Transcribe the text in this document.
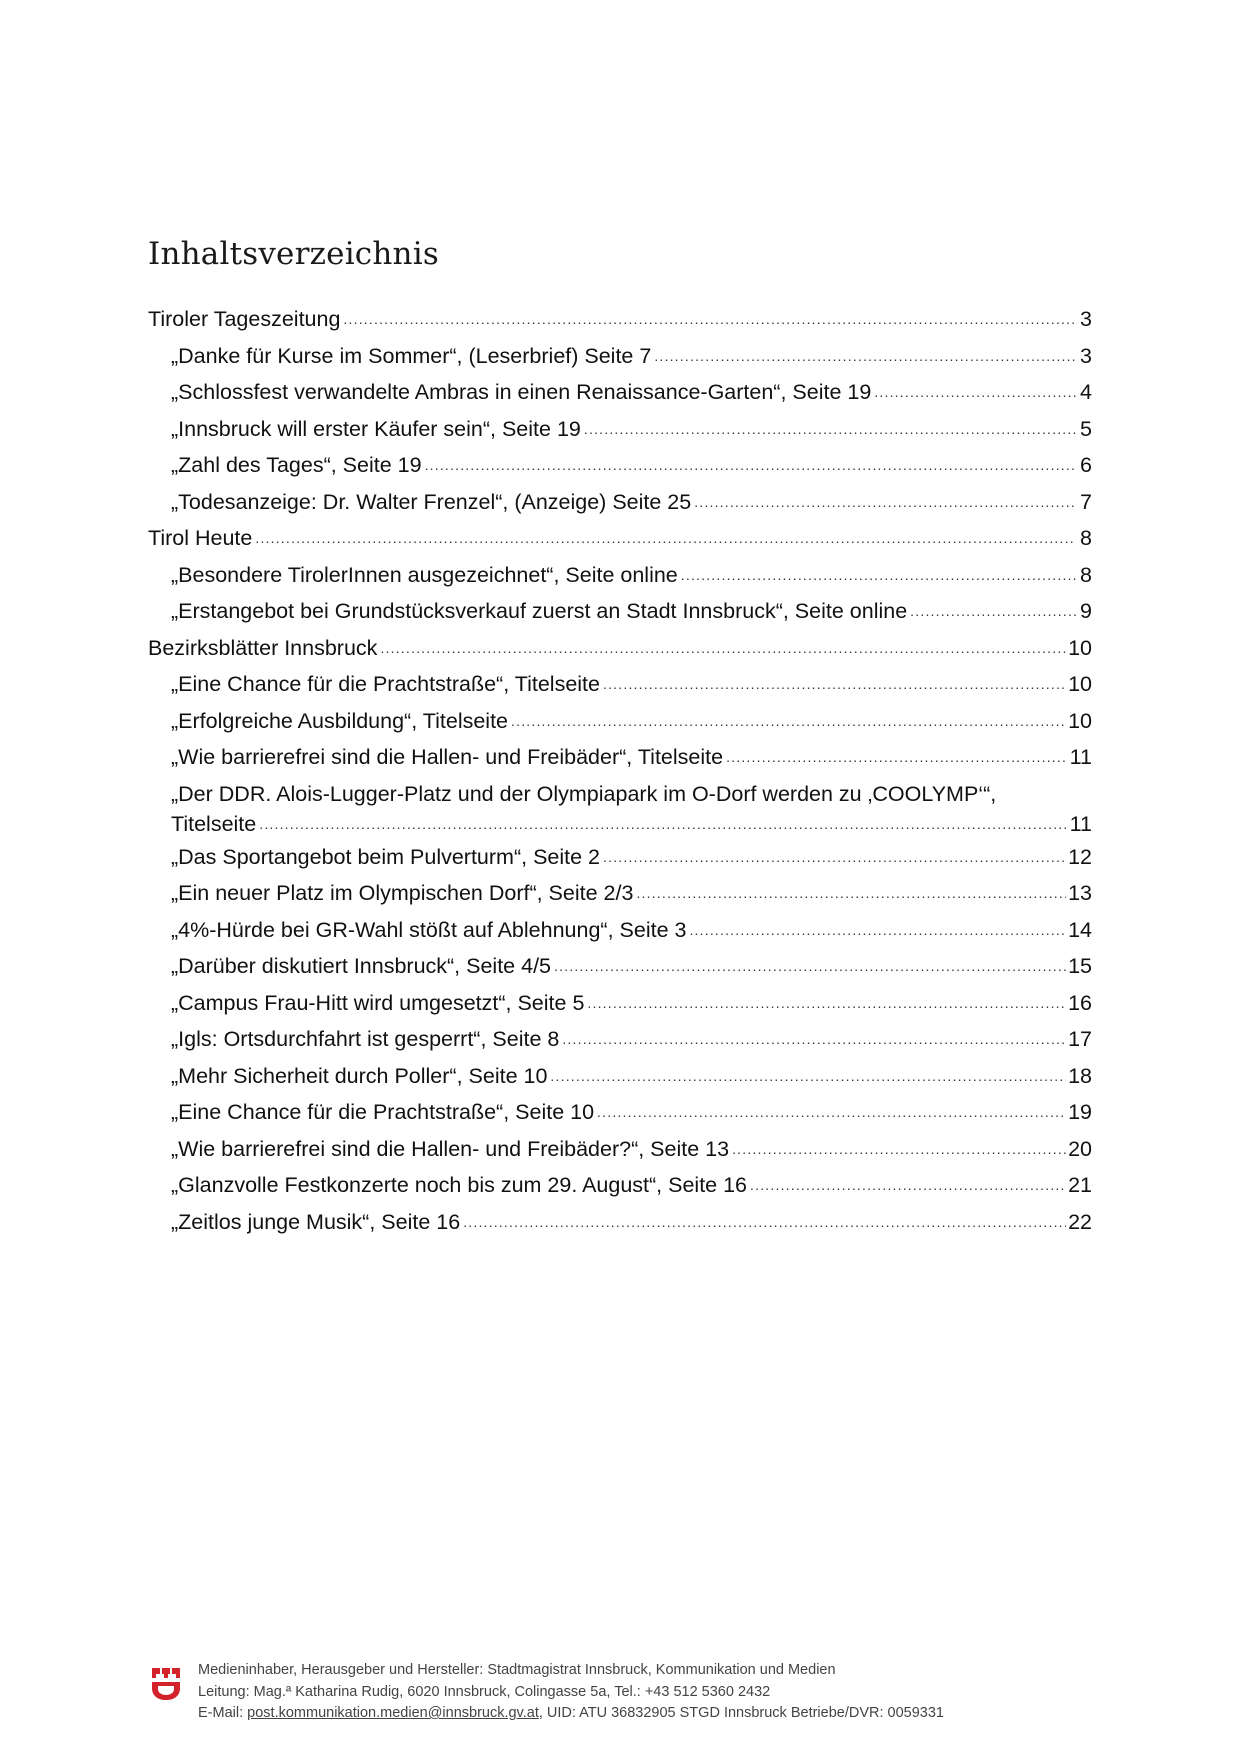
Inhaltsverzeichnis
Tiroler Tageszeitung .....	3
„Danke für Kurse im Sommer“, (Leserbrief) Seite 7 .....	3
„Schlossfest verwandelte Ambras in einen Renaissance-Garten“, Seite 19 .....	4
„Innsbruck will erster Käufer sein“, Seite 19 .....	5
„Zahl des Tages“, Seite 19 .....	6
„Todesanzeige: Dr. Walter Frenzel“, (Anzeige) Seite 25 .....	7
Tirol Heute .....	8
„Besondere TirolerInnen ausgezeichnet“, Seite online .....	8
„Erstangebot bei Grundstücksverkauf zuerst an Stadt Innsbruck“, Seite online .....	9
Bezirksblätter Innsbruck .....	10
„Eine Chance für die Prachtstraße“, Titelseite .....	10
„Erfolgreiche Ausbildung“, Titelseite .....	10
„Wie barrierefrei sind die Hallen- und Freibäder“, Titelseite .....	11
„Der DDR. Alois-Lugger-Platz und der Olympiapark im O-Dorf werden zu ‚COOLYMP‘“,
Titelseite .....	11
„Das Sportangebot beim Pulverturm“, Seite 2 .....	12
„Ein neuer Platz im Olympischen Dorf“, Seite 2/3 .....	13
„4%-Hürde bei GR-Wahl stößt auf Ablehnung“, Seite 3 .....	14
„Darüber diskutiert Innsbruck“, Seite 4/5 .....	15
„Campus Frau-Hitt wird umgesetzt“, Seite 5 .....	16
„Igls: Ortsdurchfahrt ist gesperrt“, Seite 8 .....	17
„Mehr Sicherheit durch Poller“, Seite 10 .....	18
„Eine Chance für die Prachtstraße“, Seite 10 .....	19
„Wie barrierefrei sind die Hallen- und Freibäder?“, Seite 13 .....	20
„Glanzvolle Festkonzerte noch bis zum 29. August“, Seite 16 .....	21
„Zeitlos junge Musik“, Seite 16 .....	22
Medieninhaber, Herausgeber und Hersteller: Stadtmagistrat Innsbruck, Kommunikation und Medien
Leitung: Mag.ª Katharina Rudig, 6020 Innsbruck, Colingasse 5a, Tel.: +43 512 5360 2432
E-Mail: post.kommunikation.medien@innsbruck.gv.at, UID: ATU 36832905 STGD Innsbruck Betriebe/DVR: 0059331
